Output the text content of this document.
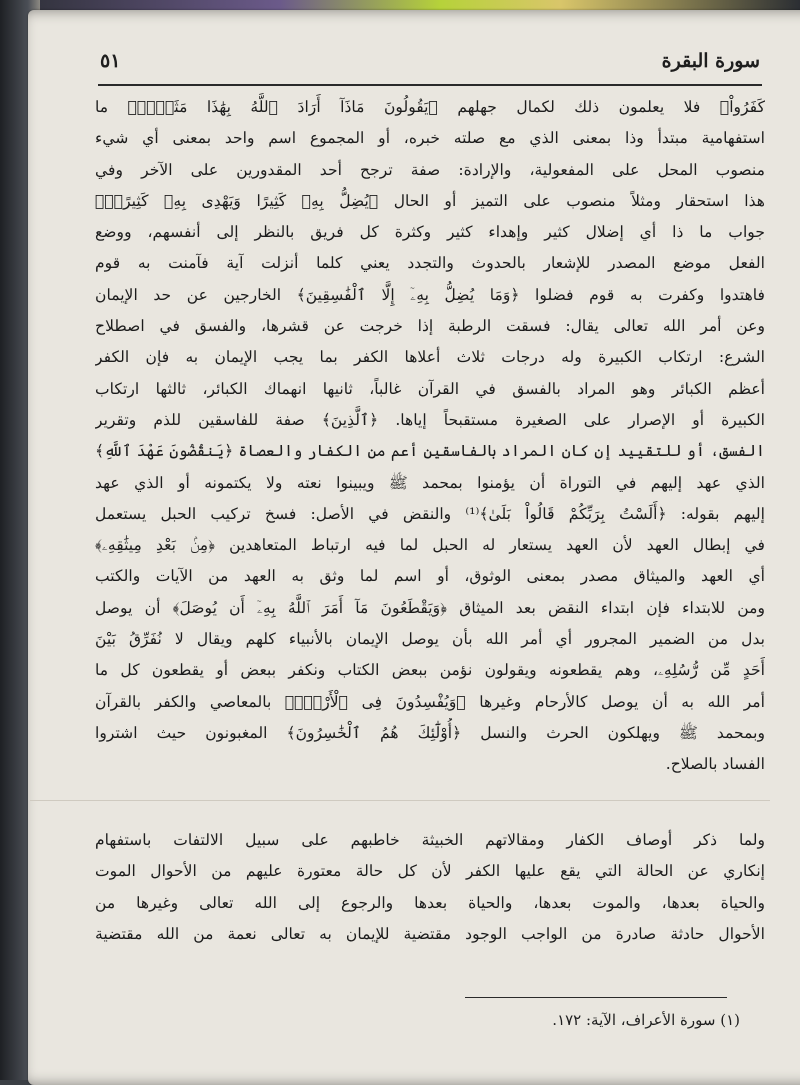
سورة البقرة
٥١
كَفَرُواْ﴾ فلا يعلمون ذلك لكمال جهلهم ﴿يَقُولُونَ مَاذَآ أَرَادَ ٱللَّهُ بِهَٰذَا مَثَلًاۘ﴾ ما
استفهامية مبتدأ وذا بمعنى الذي مع صلته خبره، أو المجموع اسم واحد بمعنى أي شيء
منصوب المحل على المفعولية، والإرادة: صفة ترجح أحد المقدورين على الآخر وفي
هذا استحقار ومثلاً منصوب على التميز أو الحال ﴿يُضِلُّ بِهِۦ كَثِيرًا وَيَهْدِى بِهِۦ كَثِيرًاۚ﴾
جواب ما ذا أي إضلال كثير وإهداء كثير وكثرة كل فريق بالنظر إلى أنفسهم، ووضع
الفعل موضع المصدر للإشعار بالحدوث والتجدد يعني كلما أنزلت آية فآمنت به قوم
فاهتدوا وكفرت به قوم فضلوا ﴿وَمَا يُضِلُّ بِهِۦٓ إِلَّا ٱلْفَٰسِقِينَ﴾ الخارجين عن حد الإيمان
وعن أمر الله تعالى يقال: فسقت الرطبة إذا خرجت عن قشرها، والفسق في اصطلاح
الشرع: ارتكاب الكبيرة وله درجات ثلاث أعلاها الكفر بما يجب الإيمان به فإن الكفر
أعظم الكبائر وهو المراد بالفسق في القرآن غالباً، ثانيها انهماك الكبائر، ثالثها ارتكاب
الكبيرة أو الإصرار على الصغيرة مستقبحاً إياها. ﴿ٱلَّذِينَ﴾ صفة للفاسقين للذم وتقرير
الفسق، أو للتقييد إن كان المراد بالفاسقين أعم من الكفار والعصاة ﴿يَنقُضُونَ عَهْدَ ٱللَّهِ﴾
الذي عهد إليهم في التوراة أن يؤمنوا بمحمد ﷺ ويبينوا نعته ولا يكتمونه أو الذي عهد
إليهم بقوله: ﴿أَلَسْتُ بِرَبِّكُمْ قَالُواْ بَلَىٰ﴾⁽¹⁾ والنقض في الأصل: فسخ تركيب الحبل يستعمل
في إبطال العهد لأن العهد يستعار له الحبل لما فيه ارتباط المتعاهدين ﴿مِنۢ بَعْدِ مِيثَٰقِهِۦ﴾
أي العهد والميثاق مصدر بمعنى الوثوق، أو اسم لما وثق به العهد من الآيات والكتب
ومن للابتداء فإن ابتداء النقض بعد الميثاق ﴿وَيَقْطَعُونَ مَآ أَمَرَ ٱللَّهُ بِهِۦٓ أَن يُوصَلَ﴾ أن يوصل
بدل من الضمير المجرور أي أمر الله بأن يوصل الإيمان بالأنبياء كلهم ويقال لا نُفَرِّقُ بَيْنَ
أَحَدٍ مِّن رُّسُلِهِۦ، وهم يقطعونه ويقولون نؤمن ببعض الكتاب ونكفر ببعض أو يقطعون كل ما
أمر الله به أن يوصل كالأرحام وغيرها ﴿وَيُفْسِدُونَ فِى ٱلْأَرْضِۚ﴾ بالمعاصي والكفر بالقرآن
وبمحمد ﷺ ويهلكون الحرث والنسل ﴿أُوْلَٰٓئِكَ هُمُ ٱلْخَٰسِرُونَ﴾ المغبونون حيث اشتروا
الفساد بالصلاح.
ولما ذكر أوصاف الكفار ومقالاتهم الخبيثة خاطبهم على سبيل الالتفات باستفهام
إنكاري عن الحالة التي يقع عليها الكفر لأن كل حالة معتورة عليهم من الأحوال الموت
والحياة بعدها، والموت بعدها، والحياة بعدها والرجوع إلى الله تعالى وغيرها من
الأحوال حادثة صادرة من الواجب الوجود مقتضية للإيمان به تعالى نعمة من الله مقتضية
(١) سورة الأعراف، الآية: ١٧٢.
